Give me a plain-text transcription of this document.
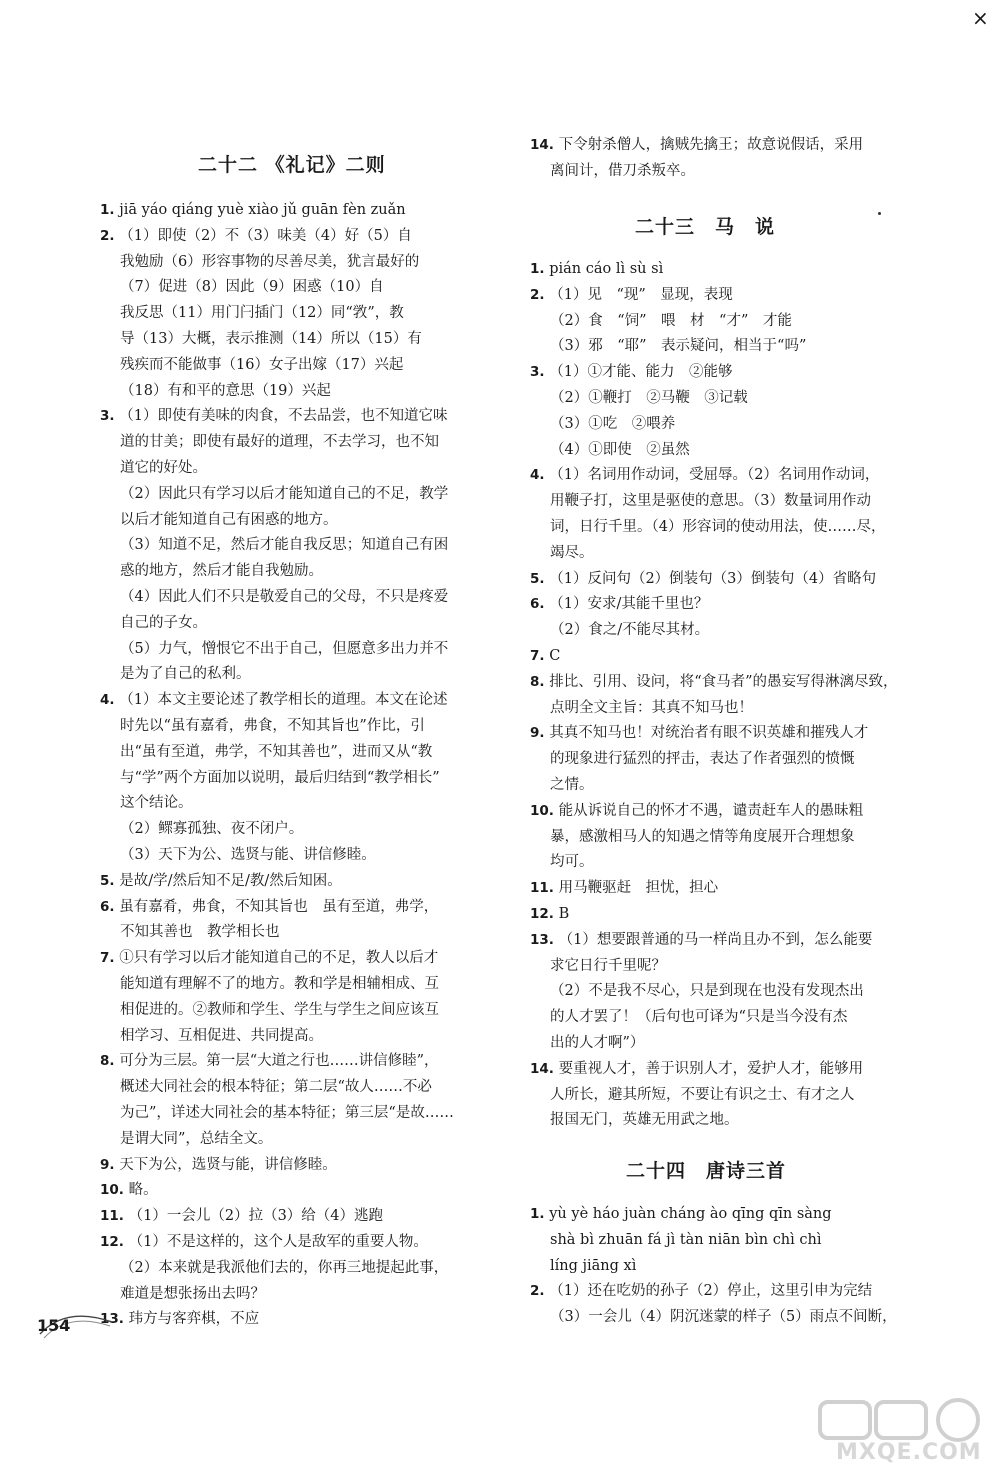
×
二十二 《礼记》二则
1. jiā yáo qiáng yuè xiào jǔ guān fèn zuǎn
2. （1）即使（2）不（3）味美（4）好（5）自
我勉励（6）形容事物的尽善尽美，犹言最好的
（7）促进（8）因此（9）困惑（10）自
我反思（11）用门闩插门（12）同“敩”，教
导（13）大概，表示推测（14）所以（15）有
残疾而不能做事（16）女子出嫁（17）兴起
（18）有和平的意思（19）兴起
3. （1）即使有美味的肉食，不去品尝，也不知道它味
道的甘美；即使有最好的道理，不去学习，也不知
道它的好处。
（2）因此只有学习以后才能知道自己的不足，教学
以后才能知道自己有困惑的地方。
（3）知道不足，然后才能自我反思；知道自己有困
惑的地方，然后才能自我勉励。
（4）因此人们不只是敬爱自己的父母，不只是疼爱
自己的子女。
（5）力气，憎恨它不出于自己，但愿意多出力并不
是为了自己的私利。
4. （1）本文主要论述了教学相长的道理。本文在论述
时先以“虽有嘉肴，弗食，不知其旨也”作比，引
出“虽有至道，弗学，不知其善也”，进而又从“教
与“学”两个方面加以说明，最后归结到“教学相长”
这个结论。
（2）鳏寡孤独、夜不闭户。
（3）天下为公、选贤与能、讲信修睦。
5. 是故/学/然后知不足/教/然后知困。
6. 虽有嘉肴，弗食，不知其旨也　虽有至道，弗学，
不知其善也　教学相长也
7. ①只有学习以后才能知道自己的不足，教人以后才
能知道有理解不了的地方。教和学是相辅相成、互
相促进的。②教师和学生、学生与学生之间应该互
相学习、互相促进、共同提高。
8. 可分为三层。第一层“大道之行也……讲信修睦”，
概述大同社会的根本特征；第二层“故人……不必
为己”，详述大同社会的基本特征；第三层“是故……
是谓大同”，总结全文。
9. 天下为公，选贤与能，讲信修睦。
10. 略。
11. （1）一会儿（2）拉（3）给（4）逃跑
12. （1）不是这样的，这个人是敌军的重要人物。
（2）本来就是我派他们去的，你再三地提起此事，
难道是想张扬出去吗？
13. 玮方与客弈棋，不应
14. 下令射杀僧人，擒贼先擒王；故意说假话，采用
离间计，借刀杀叛卒。
二十三　马　说
1. pián cáo lì sù sì
2. （1）见　“现”　显现，表现
（2）食　“饲”　喂　材　“才”　才能
（3）邪　“耶”　表示疑问，相当于“吗”
3. （1）①才能、能力　②能够
（2）①鞭打　②马鞭　③记载
（3）①吃　②喂养
（4）①即使　②虽然
4. （1）名词用作动词，受屈辱。（2）名词用作动词，
用鞭子打，这里是驱使的意思。（3）数量词用作动
词，日行千里。（4）形容词的使动用法，使……尽，
竭尽。
5. （1）反问句（2）倒装句（3）倒装句（4）省略句
6. （1）安求/其能千里也？
（2）食之/不能尽其材。
7. C
8. 排比、引用、设问，将“食马者”的愚妄写得淋漓尽致，
点明全文主旨：其真不知马也！
9. 其真不知马也！对统治者有眼不识英雄和摧残人才
的现象进行猛烈的抨击，表达了作者强烈的愤慨
之情。
10. 能从诉说自己的怀才不遇，谴责赶车人的愚昧粗
暴，感激相马人的知遇之情等角度展开合理想象
均可。
11. 用马鞭驱赶　担忧，担心
12. B
13. （1）想要跟普通的马一样尚且办不到，怎么能要
求它日行千里呢？
（2）不是我不尽心，只是到现在也没有发现杰出
的人才罢了！（后句也可译为“只是当今没有杰
出的人才啊”）
14. 要重视人才，善于识别人才，爱护人才，能够用
人所长，避其所短，不要让有识之士、有才之人
报国无门，英雄无用武之地。
二十四　唐诗三首
1. yù yè háo juàn cháng ào qīng qīn sàng
shà bì zhuān fá jì tàn niān bìn chì chì
líng jiāng xì
2. （1）还在吃奶的孙子（2）停止，这里引申为完结
（3）一会儿（4）阴沉迷蒙的样子（5）雨点不间断，
154
MXQE.COM
